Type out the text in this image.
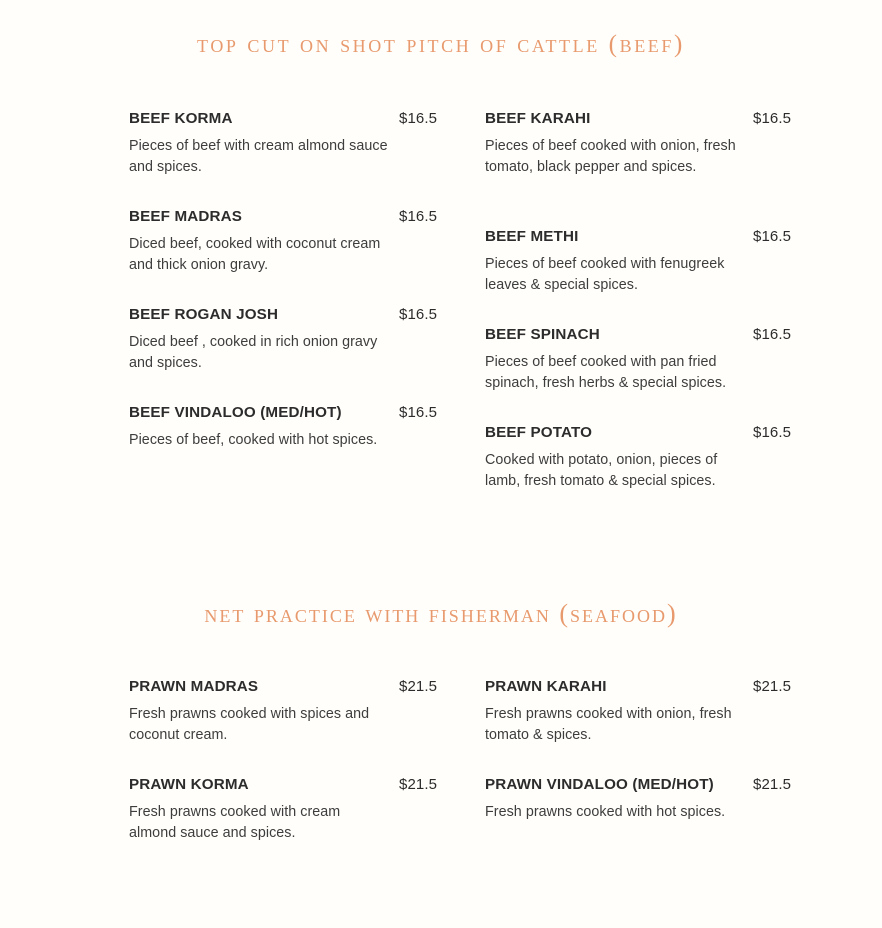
top cut on shot pitch of cattle (beef)
BEEF KORMA	$16.5
Pieces of beef with cream almond sauce and spices.
BEEF MADRAS	$16.5
Diced beef, cooked with coconut cream and thick onion gravy.
BEEF ROGAN JOSH	$16.5
Diced beef , cooked in rich onion gravy and spices.
BEEF VINDALOO (MED/HOT)	$16.5
Pieces of beef, cooked with hot spices.
BEEF KARAHI	$16.5
Pieces of beef cooked with onion, fresh tomato, black pepper and spices.
BEEF METHI	$16.5
Pieces of beef cooked with fenugreek leaves & special spices.
BEEF SPINACH	$16.5
Pieces of beef cooked with pan fried spinach, fresh herbs & special spices.
BEEF POTATO	$16.5
Cooked with potato, onion, pieces of lamb, fresh tomato & special spices.
net practice with fisherman (seafood)
PRAWN MADRAS	$21.5
Fresh prawns cooked with spices and coconut cream.
PRAWN KORMA	$21.5
Fresh prawns cooked with cream almond sauce and spices.
PRAWN KARAHI	$21.5
Fresh prawns cooked with onion, fresh tomato & spices.
PRAWN VINDALOO (MED/HOT)	$21.5
Fresh prawns cooked with hot spices.
